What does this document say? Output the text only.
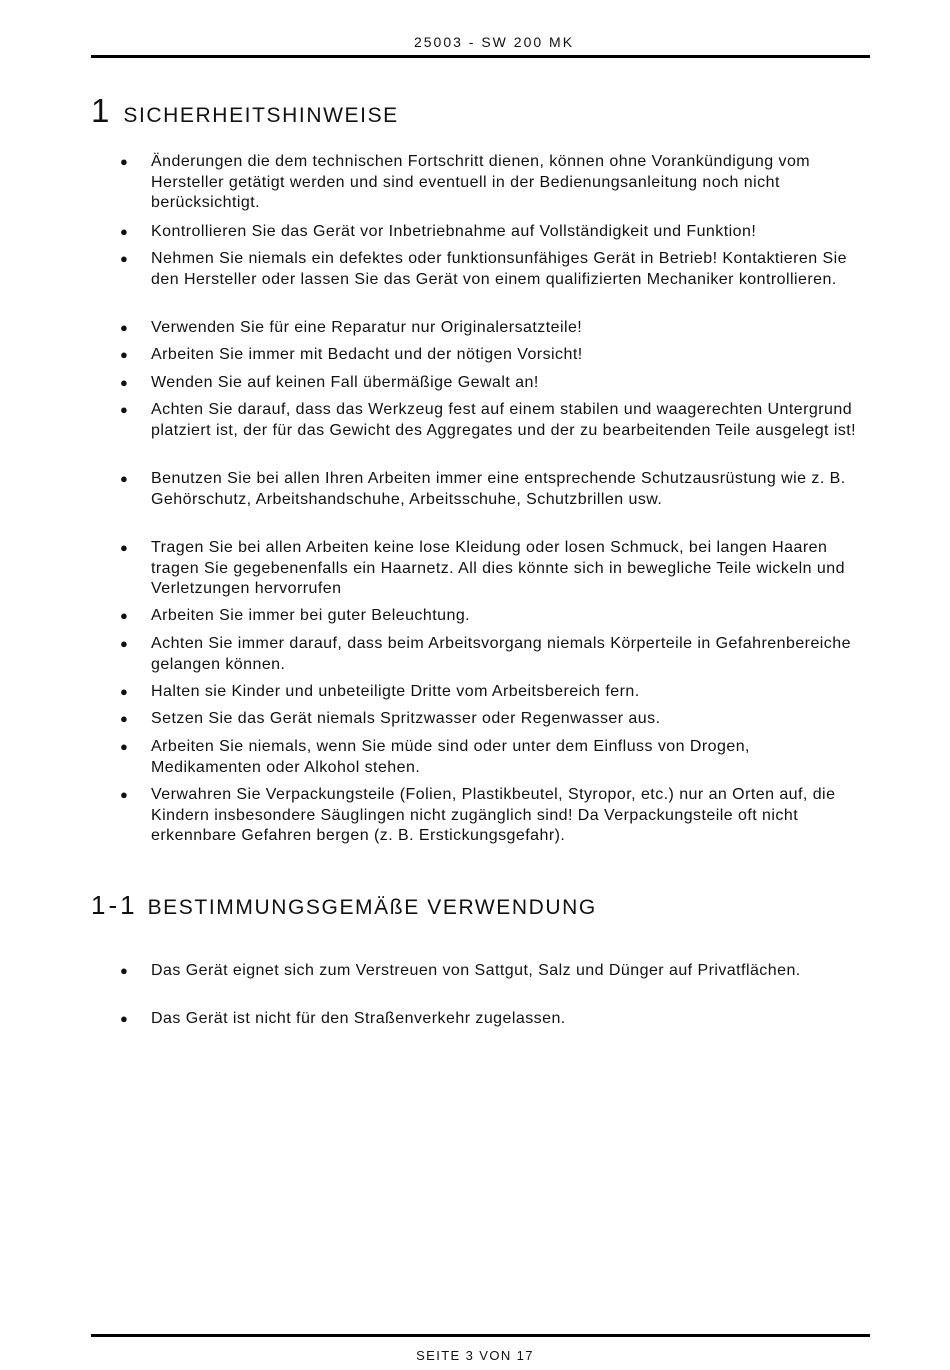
25003 - SW 200 MK
1 SICHERHEITSHINWEISE
● Änderungen die dem technischen Fortschritt dienen, können ohne Vorankündigung vom Hersteller getätigt werden und sind eventuell in der Bedienungsanleitung noch nicht berücksichtigt.
● Kontrollieren Sie das Gerät vor Inbetriebnahme auf Vollständigkeit und Funktion!
● Nehmen Sie niemals ein defektes oder funktionsunfähiges Gerät in Betrieb! Kontaktieren Sie den Hersteller oder lassen Sie das Gerät von einem qualifizierten Mechaniker kontrollieren.
● Verwenden Sie für eine Reparatur nur Originalersatzteile!
● Arbeiten Sie immer mit Bedacht und der nötigen Vorsicht!
● Wenden Sie auf keinen Fall übermäßige Gewalt an!
● Achten Sie darauf, dass das Werkzeug fest auf einem stabilen und waagerechten Untergrund platziert ist, der für das Gewicht des Aggregates und der zu bearbeitenden Teile ausgelegt ist!
● Benutzen Sie bei allen Ihren Arbeiten immer eine entsprechende Schutzausrüstung wie z. B. Gehörschutz, Arbeitshandschuhe, Arbeitsschuhe, Schutzbrillen usw.
● Tragen Sie bei allen Arbeiten keine lose Kleidung oder losen Schmuck, bei langen Haaren tragen Sie gegebenenfalls ein Haarnetz. All dies könnte sich in bewegliche Teile wickeln und Verletzungen hervorrufen
● Arbeiten Sie immer bei guter Beleuchtung.
● Achten Sie immer darauf, dass beim Arbeitsvorgang niemals Körperteile in Gefahrenbereiche gelangen können.
● Halten sie Kinder und unbeteiligte Dritte vom Arbeitsbereich fern.
● Setzen Sie das Gerät niemals Spritzwasser oder Regenwasser aus.
● Arbeiten Sie niemals, wenn Sie müde sind oder unter dem Einfluss von Drogen, Medikamenten oder Alkohol stehen.
● Verwahren Sie Verpackungsteile (Folien, Plastikbeutel, Styropor, etc.) nur an Orten auf, die Kindern insbesondere Säuglingen nicht zugänglich sind! Da Verpackungsteile oft nicht erkennbare Gefahren bergen (z. B. Erstickungsgefahr).
1-1 BESTIMMUNGSGEMÄßE VERWENDUNG
● Das Gerät eignet sich zum Verstreuen von Sattgut, Salz und Dünger auf Privatflächen.
● Das Gerät ist nicht für den Straßenverkehr zugelassen.
SEITE 3 VON 17
